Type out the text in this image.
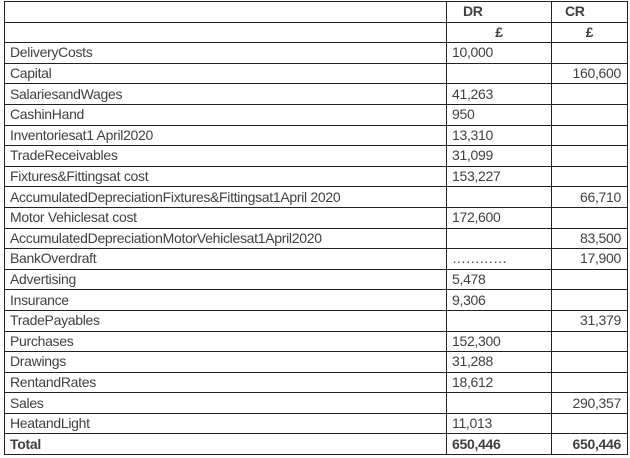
	DR	CR
	£	£
DeliveryCosts	10,000	
Capital		160,600
SalariesandWages	41,263	
CashinHand	950	
Inventoriesat1 April2020	13,310	
TradeReceivables	31,099	
Fixtures&Fittingsat cost	153,227	
AccumulatedDepreciationFixtures&Fittingsat1April 2020		66,710
Motor Vehiclesat cost	172,600	
AccumulatedDepreciationMotorVehiclesat1April2020		83,500
BankOverdraft	…………	17,900
Advertising	5,478	
Insurance	9,306	
TradePayables		31,379
Purchases	152,300	
Drawings	31,288	
RentandRates	18,612	
Sales		290,357
HeatandLight	11,013	
Total	650,446	650,446
